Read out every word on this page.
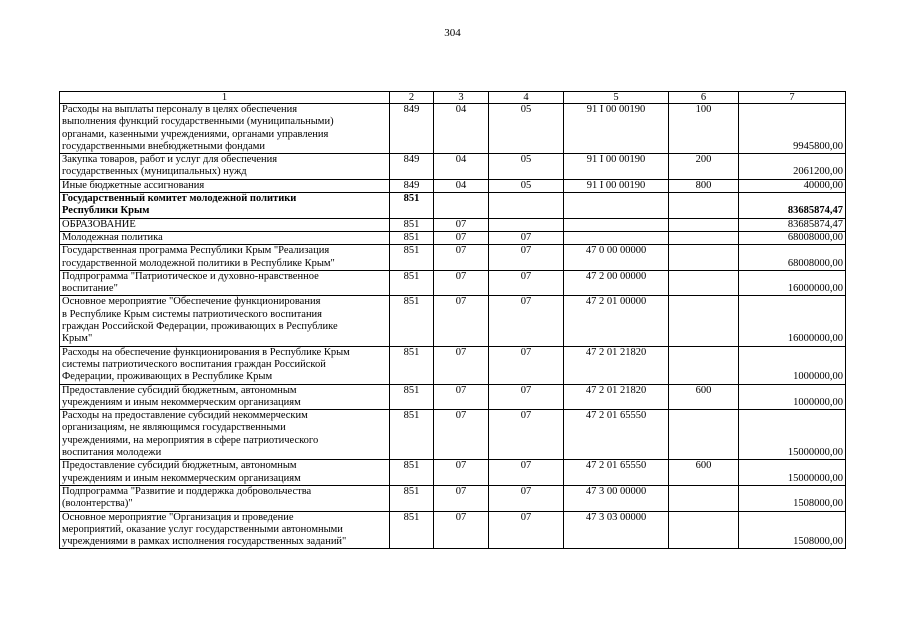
304
1	2	3	4	5	6	7
Расходы на выплаты персоналу в целях обеспечения
выполнения функций государственными (муниципальными)
органами, казенными учреждениями, органами управления
государственными внебюджетными фондами	849	04	05	91 I 00 00190	100	9945800,00
Закупка товаров, работ и услуг для обеспечения
государственных (муниципальных) нужд	849	04	05	91 I 00 00190	200	2061200,00
Иные бюджетные ассигнования	849	04	05	91 I 00 00190	800	40000,00
Государственный комитет молодежной политики
Республики Крым	851					83685874,47
ОБРАЗОВАНИЕ	851	07				83685874,47
Молодежная политика	851	07	07			68008000,00
Государственная программа Республики Крым "Реализация
государственной молодежной политики в Республике Крым"	851	07	07	47 0 00 00000		68008000,00
Подпрограмма "Патриотическое и духовно-нравственное
воспитание"	851	07	07	47 2 00 00000		16000000,00
Основное мероприятие "Обеспечение функционирования
в Республике Крым системы патриотического воспитания
граждан Российской Федерации, проживающих в Республике
Крым"	851	07	07	47 2 01 00000		16000000,00
Расходы на обеспечение функционирования в Республике Крым
системы патриотического воспитания граждан Российской
Федерации, проживающих в Республике Крым	851	07	07	47 2 01 21820		1000000,00
Предоставление субсидий бюджетным, автономным
учреждениям и иным некоммерческим организациям	851	07	07	47 2 01 21820	600	1000000,00
Расходы на предоставление субсидий некоммерческим
организациям, не являющимся государственными
учреждениями, на мероприятия в сфере патриотического
воспитания молодежи	851	07	07	47 2 01 65550		15000000,00
Предоставление субсидий бюджетным, автономным
учреждениям и иным некоммерческим организациям	851	07	07	47 2 01 65550	600	15000000,00
Подпрограмма "Развитие и поддержка добровольчества
(волонтерства)"	851	07	07	47 3 00 00000		1508000,00
Основное мероприятие "Организация и проведение
мероприятий, оказание услуг государственными автономными
учреждениями в рамках исполнения государственных заданий"	851	07	07	47 3 03 00000		1508000,00
